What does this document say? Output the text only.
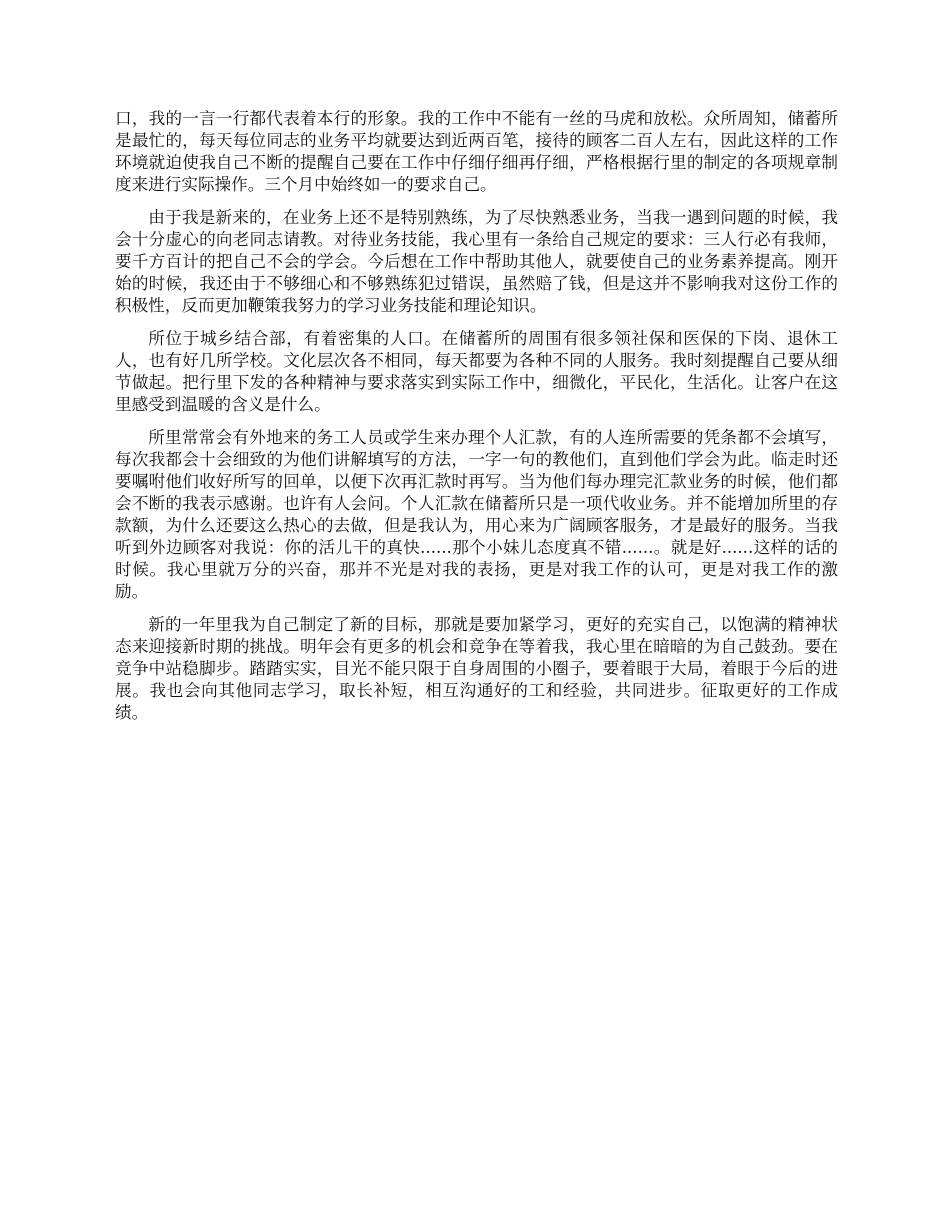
口，我的一言一行都代表着本行的形象。我的工作中不能有一丝的马虎和放松。众所周知，储蓄所是最忙的，每天每位同志的业务平均就要达到近两百笔，接待的顾客二百人左右，因此这样的工作环境就迫使我自己不断的提醒自己要在工作中仔细仔细再仔细，严格根据行里的制定的各项规章制度来进行实际操作。三个月中始终如一的要求自己。

由于我是新来的，在业务上还不是特别熟练，为了尽快熟悉业务，当我一遇到问题的时候，我会十分虚心的向老同志请教。对待业务技能，我心里有一条给自己规定的要求：三人行必有我师，要千方百计的把自己不会的学会。今后想在工作中帮助其他人，就要使自己的业务素养提高。刚开始的时候，我还由于不够细心和不够熟练犯过错误，虽然赔了钱，但是这并不影响我对这份工作的积极性，反而更加鞭策我努力的学习业务技能和理论知识。

所位于城乡结合部，有着密集的人口。在储蓄所的周围有很多领社保和医保的下岗、退休工人，也有好几所学校。文化层次各不相同，每天都要为各种不同的人服务。我时刻提醒自己要从细节做起。把行里下发的各种精神与要求落实到实际工作中，细微化，平民化，生活化。让客户在这里感受到温暖的含义是什么。

所里常常会有外地来的务工人员或学生来办理个人汇款，有的人连所需要的凭条都不会填写，每次我都会十会细致的为他们讲解填写的方法，一字一句的教他们，直到他们学会为此。临走时还要嘱咐他们收好所写的回单，以便下次再汇款时再写。当为他们每办理完汇款业务的时候，他们都会不断的我表示感谢。也许有人会问。个人汇款在储蓄所只是一项代收业务。并不能增加所里的存款额，为什么还要这么热心的去做，但是我认为，用心来为广阔顾客服务，才是最好的服务。当我听到外边顾客对我说：你的活儿干的真快......那个小妹儿态度真不错......。就是好......这样的话的时候。我心里就万分的兴奋，那并不光是对我的表扬，更是对我工作的认可，更是对我工作的激励。

新的一年里我为自己制定了新的目标，那就是要加紧学习，更好的充实自己，以饱满的精神状态来迎接新时期的挑战。明年会有更多的机会和竞争在等着我，我心里在暗暗的为自己鼓劲。要在竞争中站稳脚步。踏踏实实，目光不能只限于自身周围的小圈子，要着眼于大局，着眼于今后的进展。我也会向其他同志学习，取长补短，相互沟通好的工和经验，共同进步。征取更好的工作成绩。
